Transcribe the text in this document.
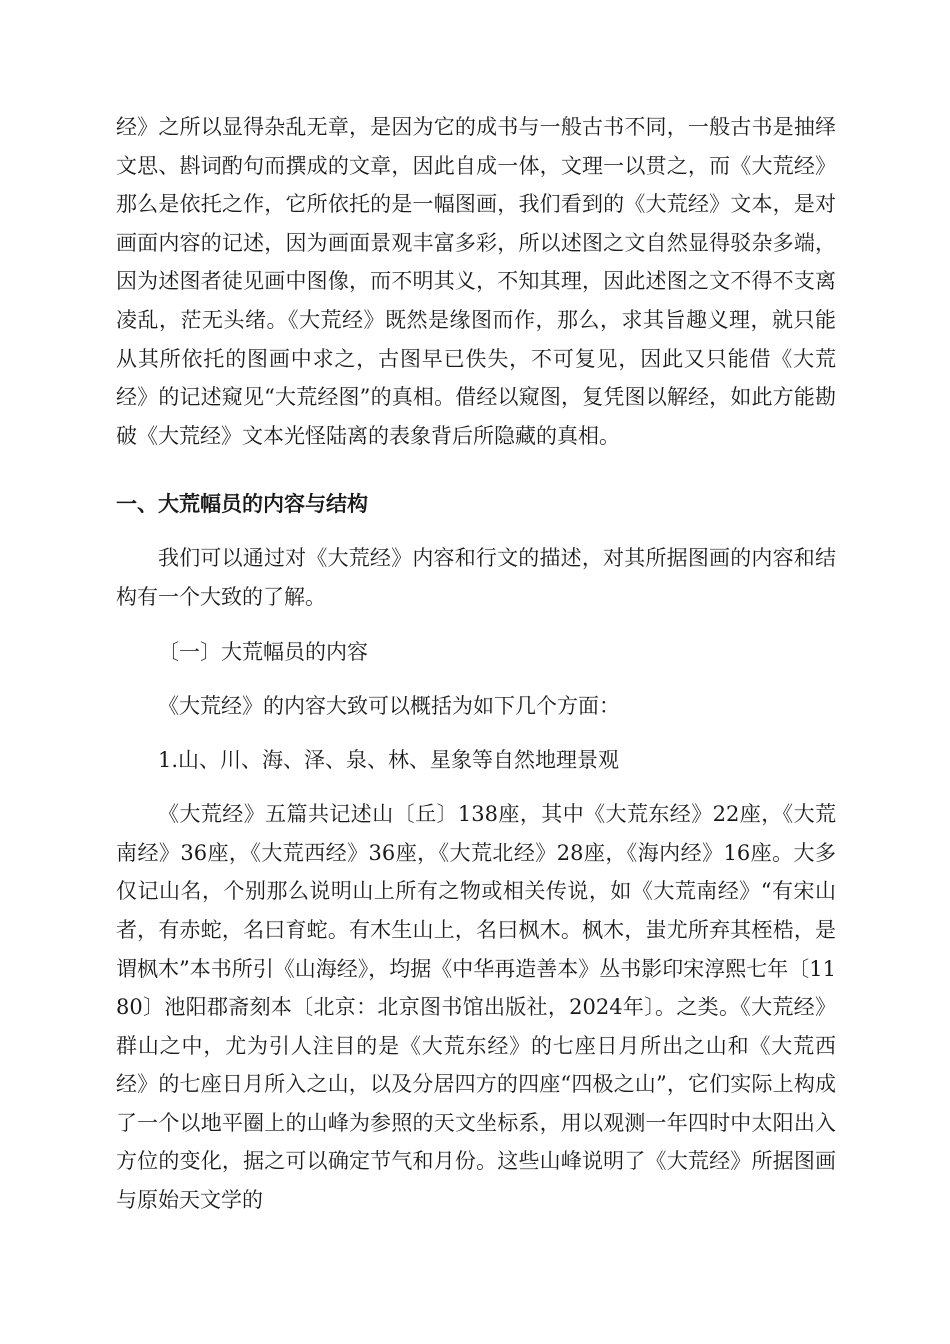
经》之所以显得杂乱无章，是因为它的成书与一般古书不同，一般古书是抽绎文思、斟词酌句而撰成的文章，因此自成一体，文理一以贯之，而《大荒经》那么是依托之作，它所依托的是一幅图画，我们看到的《大荒经》文本，是对画面内容的记述，因为画面景观丰富多彩，所以述图之文自然显得驳杂多端，因为述图者徒见画中图像，而不明其义，不知其理，因此述图之文不得不支离凌乱，茫无头绪。《大荒经》既然是缘图而作，那么，求其旨趣义理，就只能从其所依托的图画中求之，古图早已佚失，不可复见，因此又只能借《大荒经》的记述窥见“大荒经图”的真相。借经以窥图，复凭图以解经，如此方能勘破《大荒经》文本光怪陆离的表象背后所隐藏的真相。

一、大荒幅员的内容与结构

我们可以通过对《大荒经》内容和行文的描述，对其所据图画的内容和结构有一个大致的了解。

〔一〕大荒幅员的内容

《大荒经》的内容大致可以概括为如下几个方面：

1.山、川、海、泽、泉、林、星象等自然地理景观

《大荒经》五篇共记述山〔丘〕138座，其中《大荒东经》22座，《大荒南经》36座，《大荒西经》36座，《大荒北经》28座，《海内经》16座。大多仅记山名，个别那么说明山上所有之物或相关传说，如《大荒南经》“有宋山者，有赤蛇，名曰育蛇。有木生山上，名曰枫木。枫木，蚩尤所弃其桎梏，是谓枫木”本书所引《山海经》，均据《中华再造善本》丛书影印宋淳熙七年〔1180〕池阳郡斋刻本〔北京：北京图书馆出版社，2024年〕。之类。《大荒经》群山之中，尤为引人注目的是《大荒东经》的七座日月所出之山和《大荒西经》的七座日月所入之山，以及分居四方的四座“四极之山”，它们实际上构成了一个以地平圈上的山峰为参照的天文坐标系，用以观测一年四时中太阳出入方位的变化，据之可以确定节气和月份。这些山峰说明了《大荒经》所据图画与原始天文学的
